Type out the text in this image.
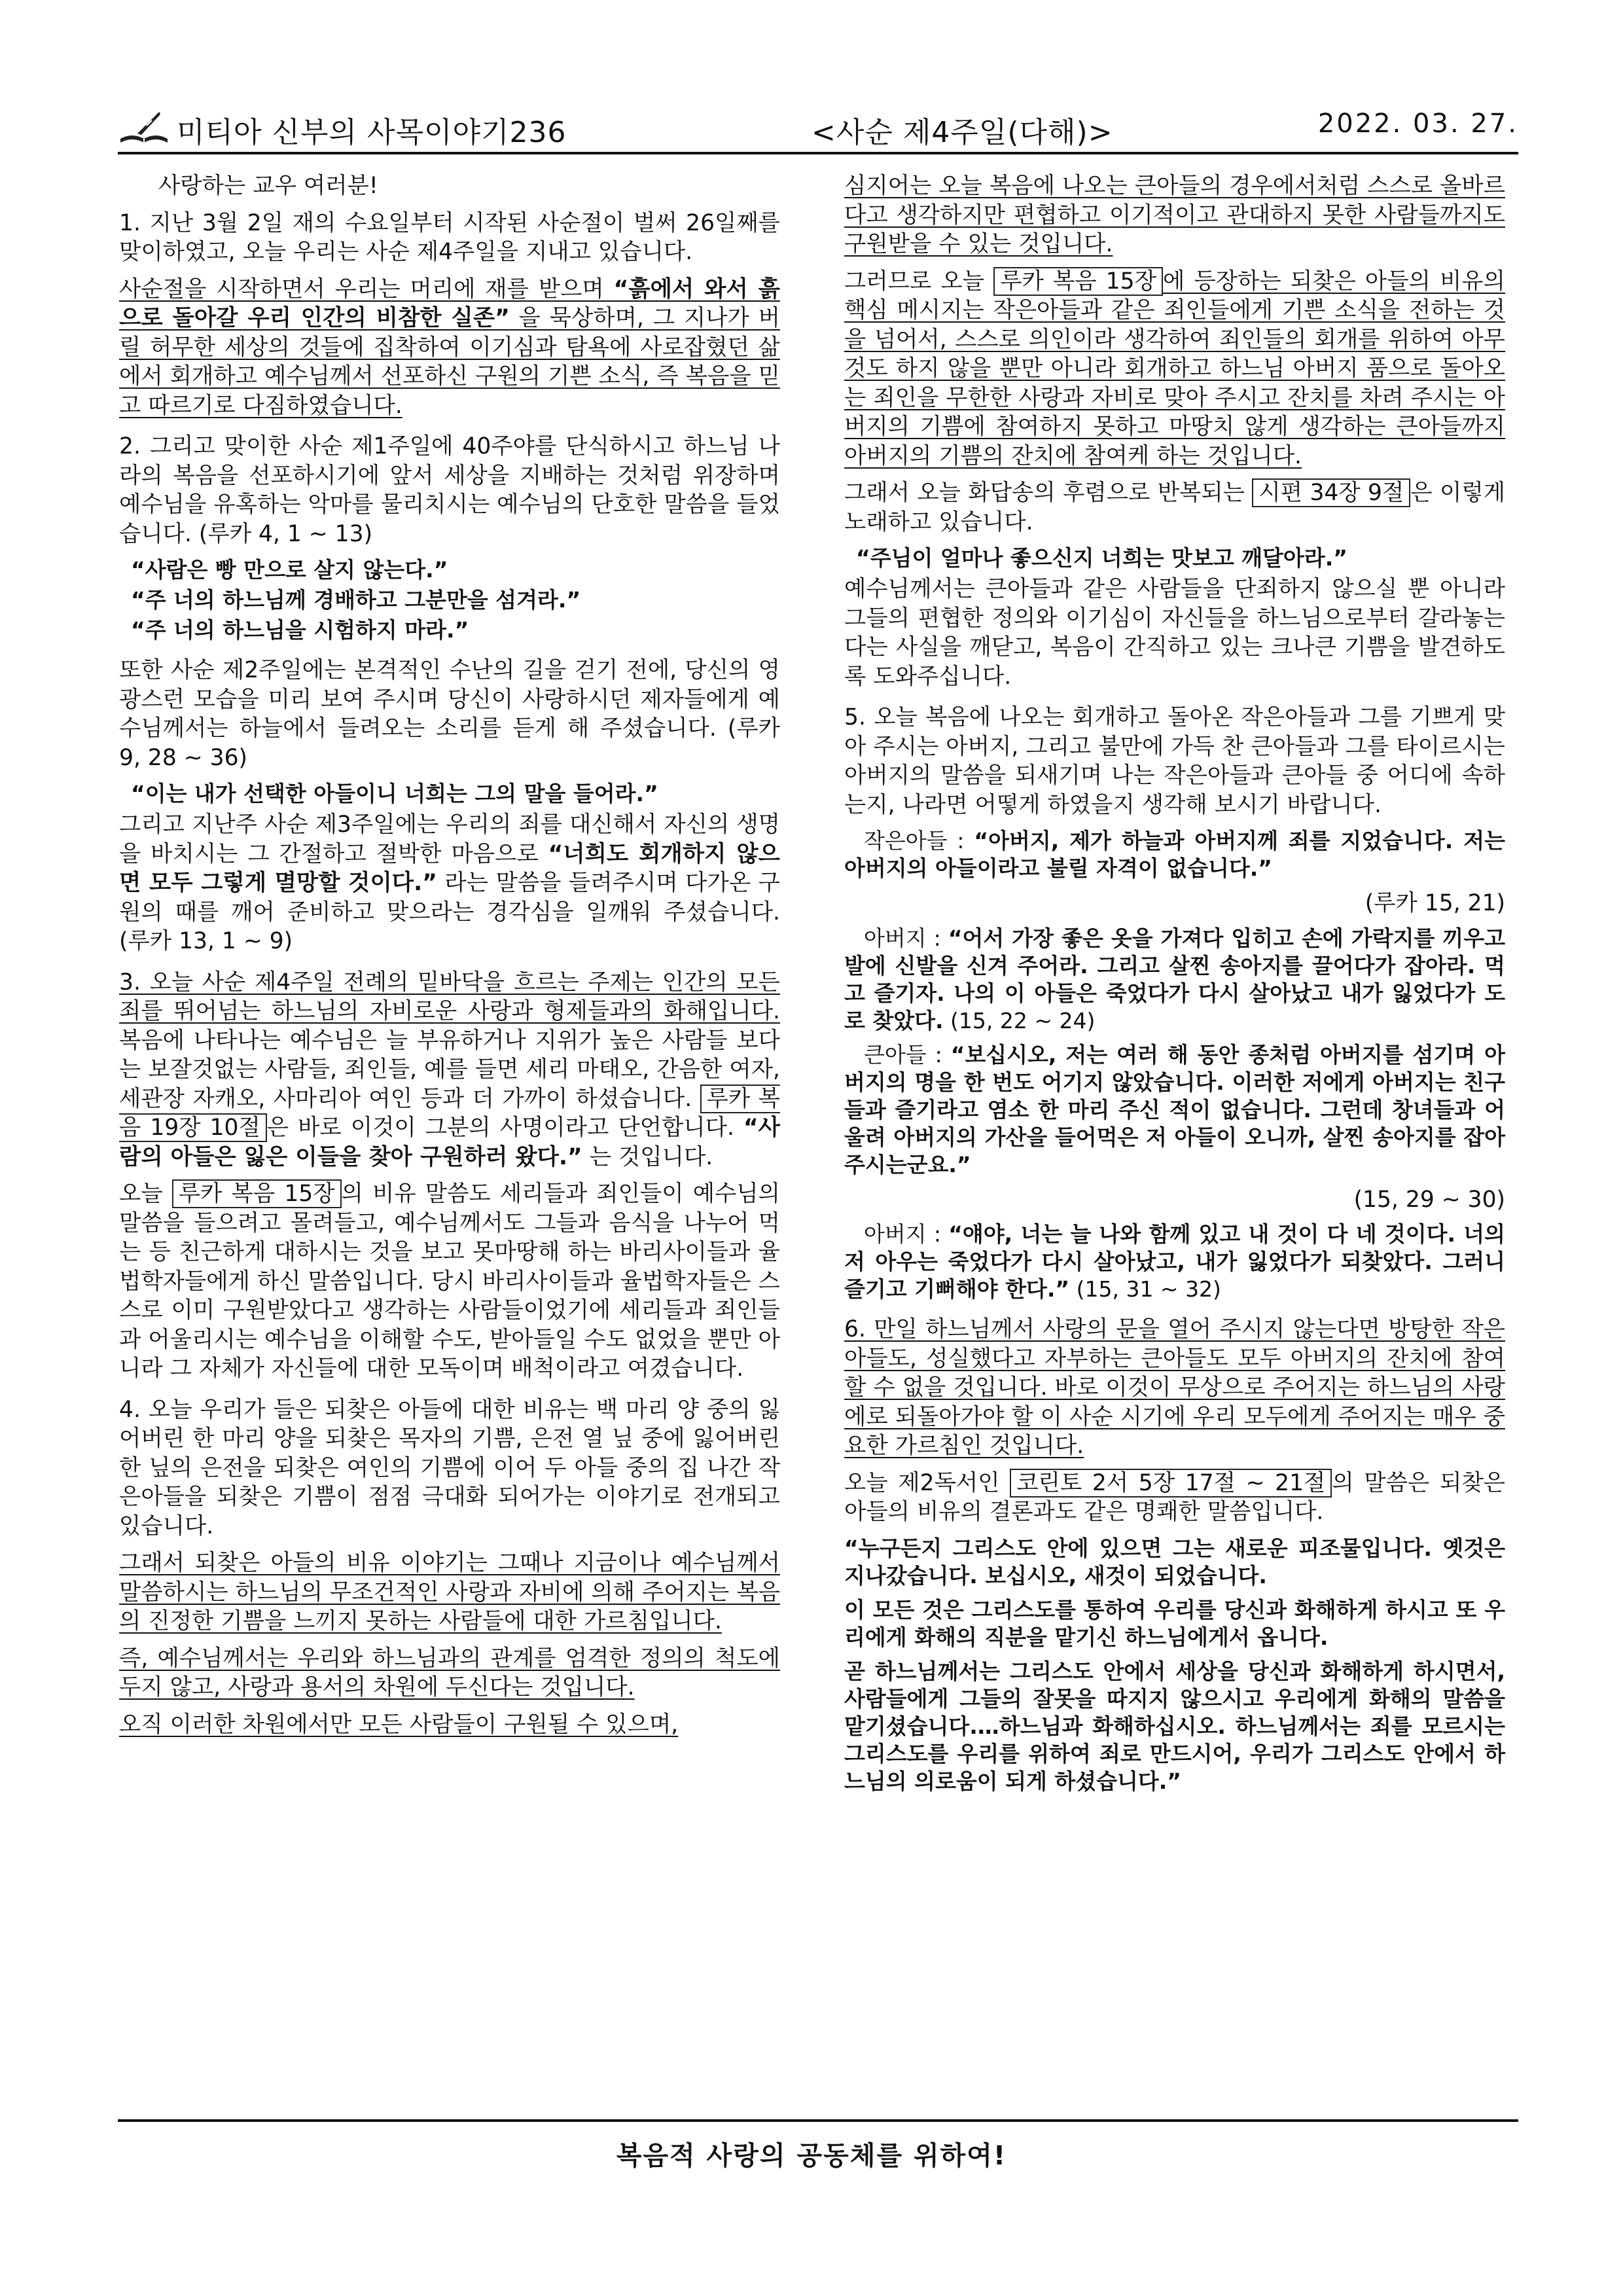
미티아 신부의 사목이야기236	<사순 제4주일(다해)>	2022. 03. 27.

사랑하는 교우 여러분!

1. 지난 3월 2일 재의 수요일부터 시작된 사순절이 벌써 26일째를 맞이하였고, 오늘 우리는 사순 제4주일을 지내고 있습니다.

사순절을 시작하면서 우리는 머리에 재를 받으며 “흙에서 와서 흙으로 돌아갈 우리 인간의 비참한 실존” 을 묵상하며, 그 지나가 버릴 허무한 세상의 것들에 집착하여 이기심과 탐욕에 사로잡혔던 삶에서 회개하고 예수님께서 선포하신 구원의 기쁜 소식, 즉 복음을 믿고 따르기로 다짐하였습니다.

2. 그리고 맞이한 사순 제1주일에 40주야를 단식하시고 하느님 나라의 복음을 선포하시기에 앞서 세상을 지배하는 것처럼 위장하며 예수님을 유혹하는 악마를 물리치시는 예수님의 단호한 말씀을 들었습니다. (루카 4, 1 ~ 13)

“사람은 빵 만으로 살지 않는다.”

“주 너의 하느님께 경배하고 그분만을 섬겨라.”

“주 너의 하느님을 시험하지 마라.”

또한 사순 제2주일에는 본격적인 수난의 길을 걷기 전에, 당신의 영광스런 모습을 미리 보여 주시며 당신이 사랑하시던 제자들에게 예수님께서는 하늘에서 들려오는 소리를 듣게 해 주셨습니다. (루카 9, 28 ~ 36)

“이는 내가 선택한 아들이니 너희는 그의 말을 들어라.”

그리고 지난주 사순 제3주일에는 우리의 죄를 대신해서 자신의 생명을 바치시는 그 간절하고 절박한 마음으로 “너희도 회개하지 않으면 모두 그렇게 멸망할 것이다.” 라는 말씀을 들려주시며 다가온 구원의 때를 깨어 준비하고 맞으라는 경각심을 일깨워 주셨습니다. (루카 13, 1 ~ 9)

3. 오늘 사순 제4주일 전례의 밑바닥을 흐르는 주제는 인간의 모든 죄를 뛰어넘는 하느님의 자비로운 사랑과 형제들과의 화해입니다. 복음에 나타나는 예수님은 늘 부유하거나 지위가 높은 사람들 보다는 보잘것없는 사람들, 죄인들, 예를 들면 세리 마태오, 간음한 여자, 세관장 자캐오, 사마리아 여인 등과 더 가까이 하셨습니다. 루카 복음 19장 10절 은 바로 이것이 그분의 사명이라고 단언합니다. “사람의 아들은 잃은 이들을 찾아 구원하러 왔다.” 는 것입니다.

오늘 루카 복음 15장 의 비유 말씀도 세리들과 죄인들이 예수님의 말씀을 들으려고 몰려들고, 예수님께서도 그들과 음식을 나누어 먹는 등 친근하게 대하시는 것을 보고 못마땅해 하는 바리사이들과 율법학자들에게 하신 말씀입니다. 당시 바리사이들과 율법학자들은 스스로 이미 구원받았다고 생각하는 사람들이었기에 세리들과 죄인들과 어울리시는 예수님을 이해할 수도, 받아들일 수도 없었을 뿐만 아니라 그 자체가 자신들에 대한 모독이며 배척이라고 여겼습니다.

4. 오늘 우리가 들은 되찾은 아들에 대한 비유는 백 마리 양 중의 잃어버린 한 마리 양을 되찾은 목자의 기쁨, 은전 열 닢 중에 잃어버린 한 닢의 은전을 되찾은 여인의 기쁨에 이어 두 아들 중의 집 나간 작은아들을 되찾은 기쁨이 점점 극대화 되어가는 이야기로 전개되고 있습니다.

그래서 되찾은 아들의 비유 이야기는 그때나 지금이나 예수님께서 말씀하시는 하느님의 무조건적인 사랑과 자비에 의해 주어지는 복음의 진정한 기쁨을 느끼지 못하는 사람들에 대한 가르침입니다.

즉, 예수님께서는 우리와 하느님과의 관계를 엄격한 정의의 척도에 두지 않고, 사랑과 용서의 차원에 두신다는 것입니다.

오직 이러한 차원에서만 모든 사람들이 구원될 수 있으며,

심지어는 오늘 복음에 나오는 큰아들의 경우에서처럼 스스로 올바르다고 생각하지만 편협하고 이기적이고 관대하지 못한 사람들까지도 구원받을 수 있는 것입니다.

그러므로 오늘 루카 복음 15장 에 등장하는 되찾은 아들의 비유의 핵심 메시지는 작은아들과 같은 죄인들에게 기쁜 소식을 전하는 것을 넘어서, 스스로 의인이라 생각하여 죄인들의 회개를 위하여 아무것도 하지 않을 뿐만 아니라 회개하고 하느님 아버지 품으로 돌아오는 죄인을 무한한 사랑과 자비로 맞아 주시고 잔치를 차려 주시는 아버지의 기쁨에 참여하지 못하고 마땅치 않게 생각하는 큰아들까지 아버지의 기쁨의 잔치에 참여케 하는 것입니다.

그래서 오늘 화답송의 후렴으로 반복되는 시편 34장 9절 은 이렇게 노래하고 있습니다.

“주님이 얼마나 좋으신지 너희는 맛보고 깨달아라.”

예수님께서는 큰아들과 같은 사람들을 단죄하지 않으실 뿐 아니라 그들의 편협한 정의와 이기심이 자신들을 하느님으로부터 갈라놓는다는 사실을 깨닫고, 복음이 간직하고 있는 크나큰 기쁨을 발견하도록 도와주십니다.

5. 오늘 복음에 나오는 회개하고 돌아온 작은아들과 그를 기쁘게 맞아 주시는 아버지, 그리고 불만에 가득 찬 큰아들과 그를 타이르시는 아버지의 말씀을 되새기며 나는 작은아들과 큰아들 중 어디에 속하는지, 나라면 어떻게 하였을지 생각해 보시기 바랍니다.

작은아들 : “아버지, 제가 하늘과 아버지께 죄를 지었습니다. 저는 아버지의 아들이라고 불릴 자격이 없습니다.”

(루카 15, 21)

아버지 : “어서 가장 좋은 옷을 가져다 입히고 손에 가락지를 끼우고 발에 신발을 신겨 주어라. 그리고 살찐 송아지를 끌어다가 잡아라. 먹고 즐기자. 나의 이 아들은 죽었다가 다시 살아났고 내가 잃었다가 도로 찾았다. (15, 22 ~ 24)

큰아들 : “보십시오, 저는 여러 해 동안 종처럼 아버지를 섬기며 아버지의 명을 한 번도 어기지 않았습니다. 이러한 저에게 아버지는 친구들과 즐기라고 염소 한 마리 주신 적이 없습니다. 그런데 창녀들과 어울려 아버지의 가산을 들어먹은 저 아들이 오니까, 살찐 송아지를 잡아 주시는군요.”

(15, 29 ~ 30)

아버지 : “얘야, 너는 늘 나와 함께 있고 내 것이 다 네 것이다. 너의 저 아우는 죽었다가 다시 살아났고, 내가 잃었다가 되찾았다. 그러니 즐기고 기뻐해야 한다.” (15, 31 ~ 32)

6. 만일 하느님께서 사랑의 문을 열어 주시지 않는다면 방탕한 작은 아들도, 성실했다고 자부하는 큰아들도 모두 아버지의 잔치에 참여할 수 없을 것입니다. 바로 이것이 무상으로 주어지는 하느님의 사랑에로 되돌아가야 할 이 사순 시기에 우리 모두에게 주어지는 매우 중요한 가르침인 것입니다.

오늘 제2독서인 코린토 2서 5장 17절 ~ 21절 의 말씀은 되찾은 아들의 비유의 결론과도 같은 명쾌한 말씀입니다.

“누구든지 그리스도 안에 있으면 그는 새로운 피조물입니다. 옛것은 지나갔습니다. 보십시오, 새것이 되었습니다.

이 모든 것은 그리스도를 통하여 우리를 당신과 화해하게 하시고 또 우리에게 화해의 직분을 맡기신 하느님에게서 옵니다.

곧 하느님께서는 그리스도 안에서 세상을 당신과 화해하게 하시면서, 사람들에게 그들의 잘못을 따지지 않으시고 우리에게 화해의 말씀을 맡기셨습니다.…하느님과 화해하십시오. 하느님께서는 죄를 모르시는 그리스도를 우리를 위하여 죄로 만드시어, 우리가 그리스도 안에서 하느님의 의로움이 되게 하셨습니다.”

복음적 사랑의 공동체를 위하여!
